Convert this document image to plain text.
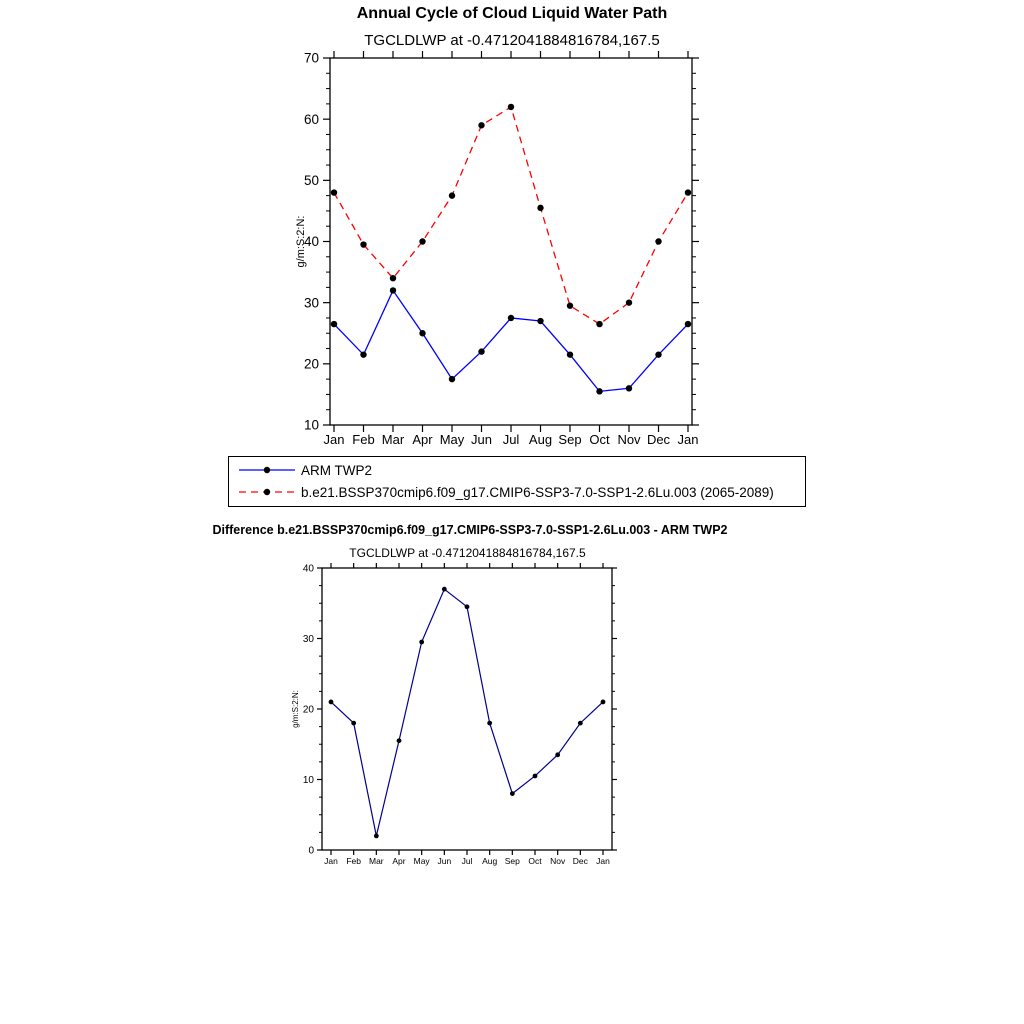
Annual Cycle of Cloud Liquid Water Path
TGCLDLWP at -0.4712041884816784,167.5
10
20
30
40
50
60
70
Jan Feb Mar Apr May Jun Jul Aug Sep Oct Nov Dec Jan
g/m:S:2:N:
ARM TWP2
b.e21.BSSP370cmip6.f09_g17.CMIP6-SSP3-7.0-SSP1-2.6Lu.003 (2065-2089)
Difference b.e21.BSSP370cmip6.f09_g17.CMIP6-SSP3-7.0-SSP1-2.6Lu.003 - ARM TWP2
TGCLDLWP at -0.4712041884816784,167.5
0
10
20
30
40
Jan Feb Mar Apr May Jun Jul Aug Sep Oct Nov Dec Jan
g/m:S:2:N:
